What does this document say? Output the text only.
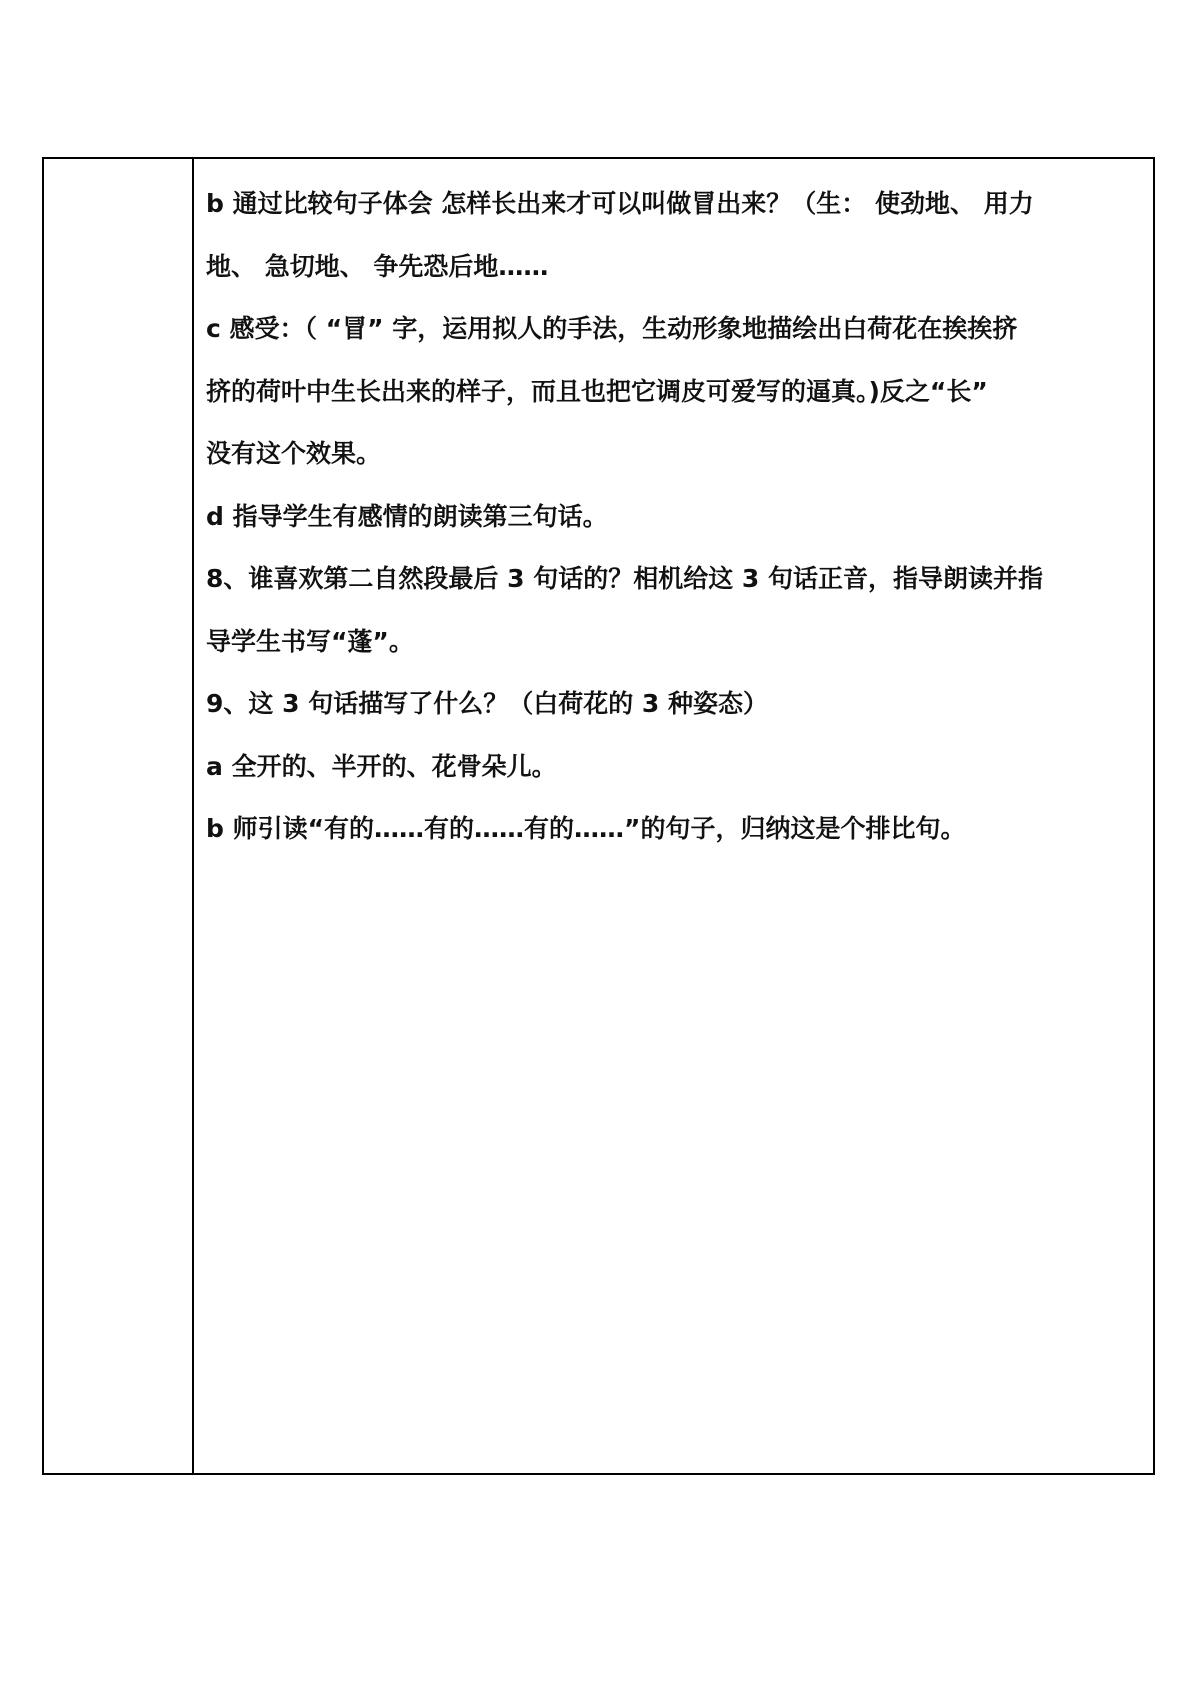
b 通过比较句子体会 怎样长出来才可以叫做冒出来？（生： 使劲地、 用力
地、 急切地、 争先恐后地……
c 感受：（ “冒” 字，运用拟人的手法，生动形象地描绘出白荷花在挨挨挤
挤的荷叶中生长出来的样子，而且也把它调皮可爱写的逼真。)反之“长”
没有这个效果。
d 指导学生有感情的朗读第三句话。
8、谁喜欢第二自然段最后 3 句话的？相机给这 3 句话正音，指导朗读并指
导学生书写“蓬”。
9、这 3 句话描写了什么？（白荷花的 3 种姿态）
a 全开的、半开的、花骨朵儿。
b 师引读“有的……有的……有的……”的句子，归纳这是个排比句。
